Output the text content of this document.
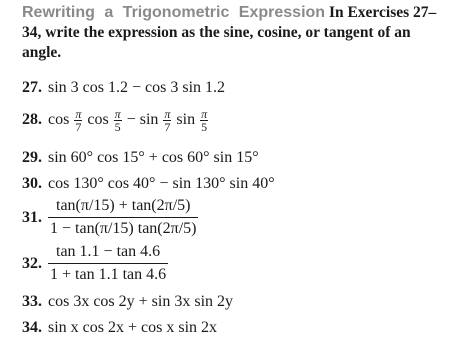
Rewriting a Trigonometric Expression In Exercises 27–34, write the expression as the sine, cosine, or tangent of an angle.
27. sin 3 cos 1.2 − cos 3 sin 1.2
28. $\cos \frac{\pi}{7}$ $\cos \frac{\pi}{5} - \sin \frac{\pi}{7}$ $\sin \frac{\pi}{5}$
29. sin 60° cos 15° + cos 60° sin 15°
30. cos 130° cos 40° − sin 130° sin 40°
31. $\frac{\tan(\pi/15) + \tan(2\pi/5)}{1 - \tan(\pi/15) \tan(2\pi/5)}$
32. $\frac{\tan 1.1 - \tan 4.6}{1 + \tan 1.1 \tan 4.6}$
33. cos 3x cos 2y + sin 3x sin 2y
34. sin x cos 2x + cos x sin 2x
